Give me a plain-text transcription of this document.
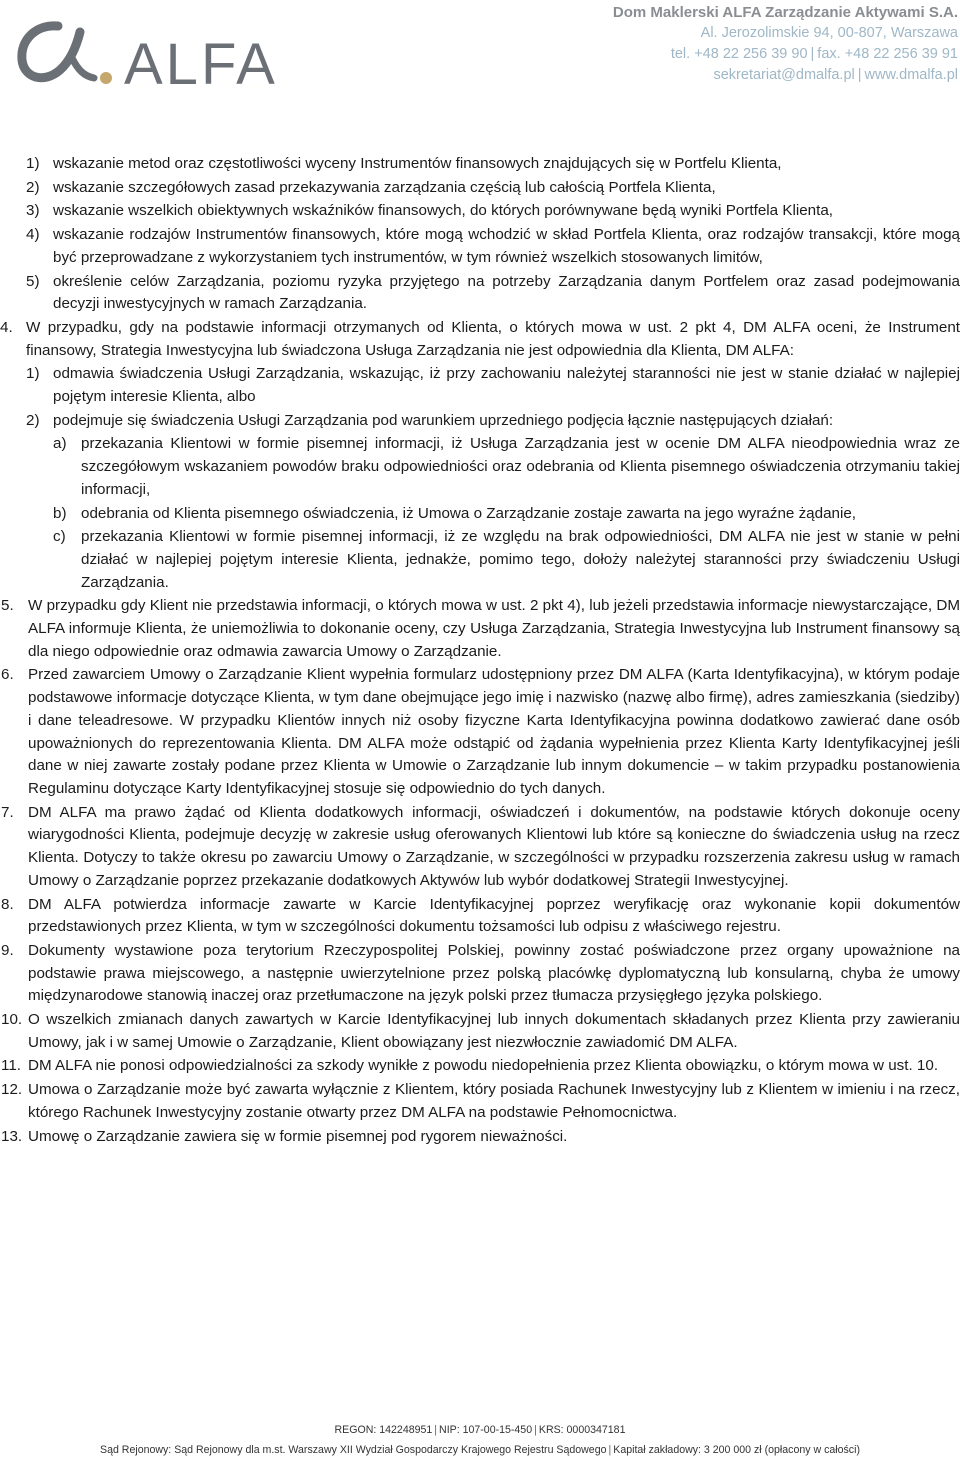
ALFA
Dom Maklerski ALFA Zarządzanie Aktywami S.A.
Al. Jerozolimskie 94, 00-807, Warszawa
tel. +48 22 256 39 90 | fax. +48 22 256 39 91
sekretariat@dmalfa.pl | www.dmalfa.pl
1) wskazanie metod oraz częstotliwości wyceny Instrumentów finansowych znajdujących się w Portfelu Klienta,
2) wskazanie szczegółowych zasad przekazywania zarządzania częścią lub całością Portfela Klienta,
3) wskazanie wszelkich obiektywnych wskaźników finansowych, do których porównywane będą wyniki Portfela Klienta,
4) wskazanie rodzajów Instrumentów finansowych, które mogą wchodzić w skład Portfela Klienta, oraz rodzajów transakcji, które mogą być przeprowadzane z wykorzystaniem tych instrumentów, w tym również wszelkich stosowanych limitów,
5) określenie celów Zarządzania, poziomu ryzyka przyjętego na potrzeby Zarządzania danym Portfelem oraz zasad podejmowania decyzji inwestycyjnych w ramach Zarządzania.
4. W przypadku, gdy na podstawie informacji otrzymanych od Klienta, o których mowa w ust. 2 pkt 4, DM ALFA oceni, że Instrument finansowy, Strategia Inwestycyjna lub świadczona Usługa Zarządzania nie jest odpowiednia dla Klienta, DM ALFA:
1) odmawia świadczenia Usługi Zarządzania, wskazując, iż przy zachowaniu należytej staranności nie jest w stanie działać w najlepiej pojętym interesie Klienta, albo
2) podejmuje się świadczenia Usługi Zarządzania pod warunkiem uprzedniego podjęcia łącznie następujących działań:
a) przekazania Klientowi w formie pisemnej informacji, iż Usługa Zarządzania jest w ocenie DM ALFA nieodpowiednia wraz ze szczegółowym wskazaniem powodów braku odpowiedniości oraz odebrania od Klienta pisemnego oświadczenia otrzymaniu takiej informacji,
b) odebrania od Klienta pisemnego oświadczenia, iż Umowa o Zarządzanie zostaje zawarta na jego wyraźne żądanie,
c) przekazania Klientowi w formie pisemnej informacji, iż ze względu na brak odpowiedniości, DM ALFA nie jest w stanie w pełni działać w najlepiej pojętym interesie Klienta, jednakże, pomimo tego, dołoży należytej staranności przy świadczeniu Usługi Zarządzania.
5. W przypadku gdy Klient nie przedstawia informacji, o których mowa w ust. 2 pkt 4), lub jeżeli przedstawia informacje niewystarczające, DM ALFA informuje Klienta, że uniemożliwia to dokonanie oceny, czy Usługa Zarządzania, Strategia Inwestycyjna lub Instrument finansowy są dla niego odpowiednie oraz odmawia zawarcia Umowy o Zarządzanie.
6. Przed zawarciem Umowy o Zarządzanie Klient wypełnia formularz udostępniony przez DM ALFA (Karta Identyfikacyjna), w którym podaje podstawowe informacje dotyczące Klienta, w tym dane obejmujące jego imię i nazwisko (nazwę albo firmę), adres zamieszkania (siedziby) i dane teleadresowe. W przypadku Klientów innych niż osoby fizyczne Karta Identyfikacyjna powinna dodatkowo zawierać dane osób upoważnionych do reprezentowania Klienta. DM ALFA może odstąpić od żądania wypełnienia przez Klienta Karty Identyfikacyjnej jeśli dane w niej zawarte zostały podane przez Klienta w Umowie o Zarządzanie lub innym dokumencie – w takim przypadku postanowienia Regulaminu dotyczące Karty Identyfikacyjnej stosuje się odpowiednio do tych danych.
7. DM ALFA ma prawo żądać od Klienta dodatkowych informacji, oświadczeń i dokumentów, na podstawie których dokonuje oceny wiarygodności Klienta, podejmuje decyzję w zakresie usług oferowanych Klientowi lub które są konieczne do świadczenia usług na rzecz Klienta. Dotyczy to także okresu po zawarciu Umowy o Zarządzanie, w szczególności w przypadku rozszerzenia zakresu usług w ramach Umowy o Zarządzanie poprzez przekazanie dodatkowych Aktywów lub wybór dodatkowej Strategii Inwestycyjnej.
8. DM ALFA potwierdza informacje zawarte w Karcie Identyfikacyjnej poprzez weryfikację oraz wykonanie kopii dokumentów przedstawionych przez Klienta, w tym w szczególności dokumentu tożsamości lub odpisu z właściwego rejestru.
9. Dokumenty wystawione poza terytorium Rzeczypospolitej Polskiej, powinny zostać poświadczone przez organy upoważnione na podstawie prawa miejscowego, a następnie uwierzytelnione przez polską placówkę dyplomatyczną lub konsularną, chyba że umowy międzynarodowe stanowią inaczej oraz przetłumaczone na język polski przez tłumacza przysięgłego języka polskiego.
10. O wszelkich zmianach danych zawartych w Karcie Identyfikacyjnej lub innych dokumentach składanych przez Klienta przy zawieraniu Umowy, jak i w samej Umowie o Zarządzanie, Klient obowiązany jest niezwłocznie zawiadomić DM ALFA.
11. DM ALFA nie ponosi odpowiedzialności za szkody wynikłe z powodu niedopełnienia przez Klienta obowiązku, o którym mowa w ust. 10.
12. Umowa o Zarządzanie może być zawarta wyłącznie z Klientem, który posiada Rachunek Inwestycyjny lub z Klientem w imieniu i na rzecz, którego Rachunek Inwestycyjny zostanie otwarty przez DM ALFA na podstawie Pełnomocnictwa.
13. Umowę o Zarządzanie zawiera się w formie pisemnej pod rygorem nieważności.
REGON: 142248951 | NIP: 107-00-15-450 | KRS: 0000347181
Sąd Rejonowy: Sąd Rejonowy dla m.st. Warszawy XII Wydział Gospodarczy Krajowego Rejestru Sądowego | Kapitał zakładowy: 3 200 000 zł (opłacony w całości)
